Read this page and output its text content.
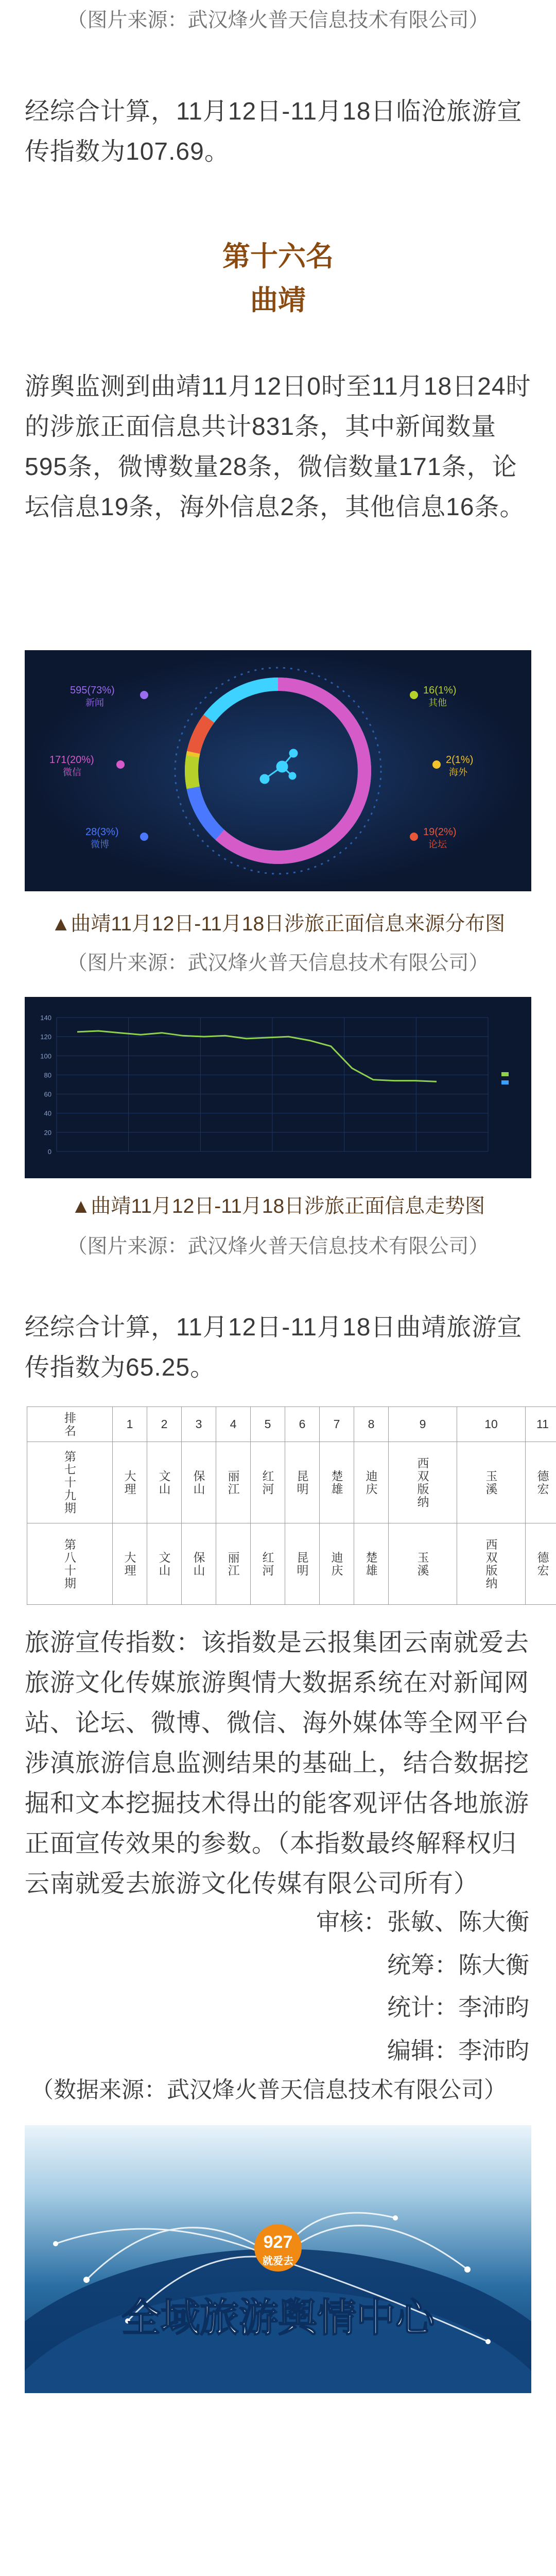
（图片来源：武汉烽火普天信息技术有限公司）
经综合计算，11月12日-11月18日临沧旅游宣传指数为107.69。
第十六名
曲靖
游舆监测到曲靖11月12日0时至11月18日24时的涉旅正面信息共计831条，其中新闻数量595条，微博数量28条，微信数量171条，论坛信息19条，海外信息2条，其他信息16条。
595(73%)
新闻
171(20%)
微信
28(3%)
微博
16(1%)
其他
2(1%)
海外
19(2%)
论坛
▲曲靖11月12日-11月18日涉旅正面信息来源分布图
（图片来源：武汉烽火普天信息技术有限公司）
140
120
100
80
60
40
20
0
▲曲靖11月12日-11月18日涉旅正面信息走势图
（图片来源：武汉烽火普天信息技术有限公司）
经综合计算，11月12日-11月18日曲靖旅游宣传指数为65.25。
排名	1	2	3	4	5	6	7	8	9	10	11					

第七十九期	大理	文山	保山	丽江	红河	昆明	楚雄	迪庆	西双版纳	玉溪	德宏

第八十期	大理	文山	保山	丽江	红河	昆明	迪庆	楚雄	玉溪	西双版纳	德宏

旅游宣传指数：该指数是云报集团云南就爱去旅游文化传媒旅游舆情大数据系统在对新闻网站、论坛、微博、微信、海外媒体等全网平台涉滇旅游信息监测结果的基础上，结合数据挖掘和文本挖掘技术得出的能客观评估各地旅游正面宣传效果的参数。（本指数最终解释权归云南就爱去旅游文化传媒有限公司所有）
审核：张敏、陈大衡
统筹：陈大衡
统计：李沛昀
编辑：李沛昀
（数据来源：武汉烽火普天信息技术有限公司）
927
就爱去
全域旅游舆情中心
